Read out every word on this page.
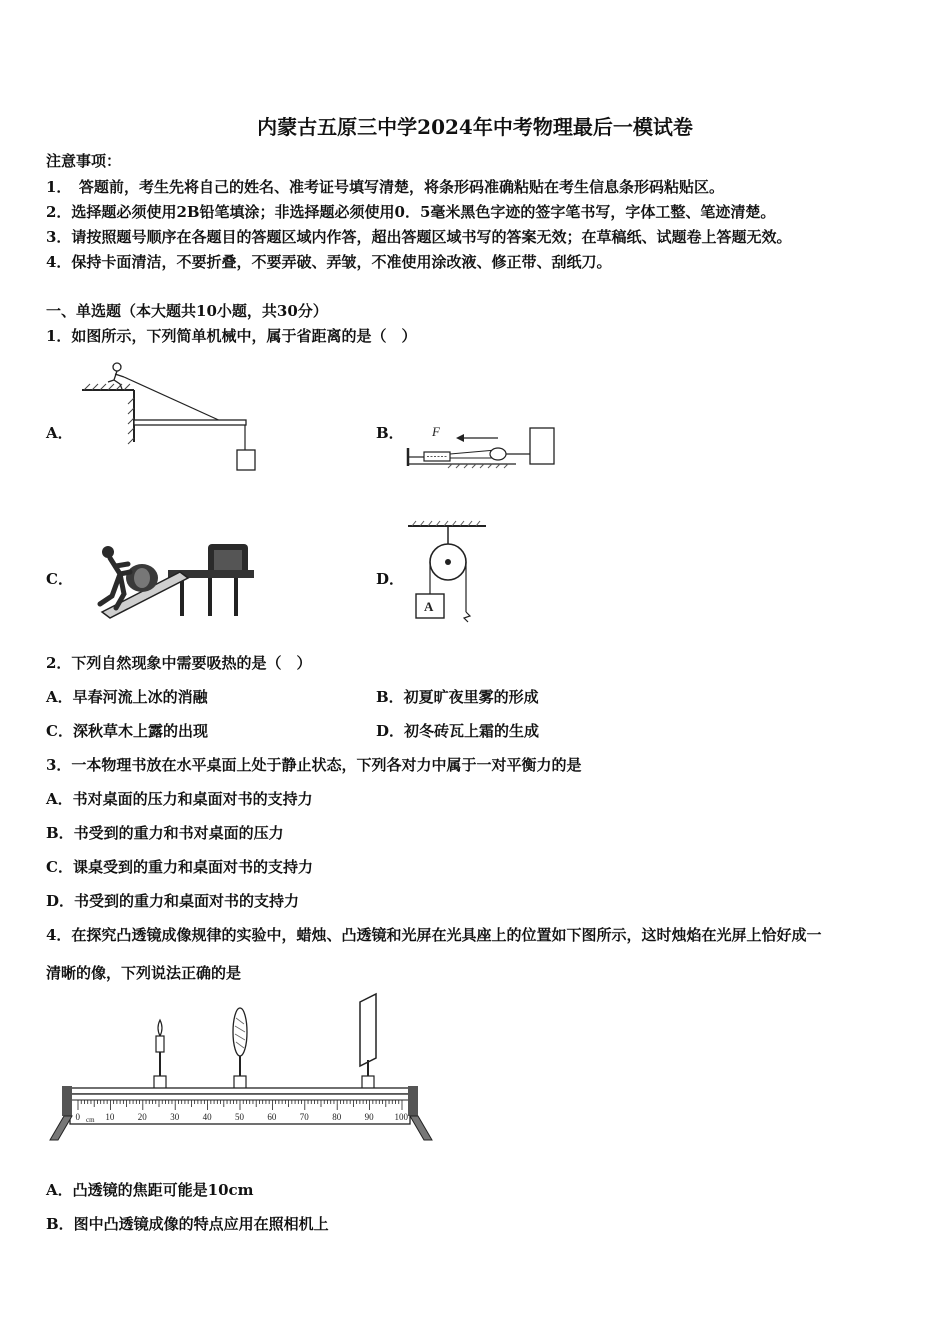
内蒙古五原三中学2024年中考物理最后一模试卷
注意事项：
1．　答题前，考生先将自己的姓名、准考证号填写清楚，将条形码准确粘贴在考生信息条形码粘贴区。
2．选择题必须使用2B铅笔填涂；非选择题必须使用0．5毫米黑色字迹的签字笔书写，字体工整、笔迹清楚。
3．请按照题号顺序在各题目的答题区域内作答，超出答题区域书写的答案无效；在草稿纸、试题卷上答题无效。
4．保持卡面清洁，不要折叠，不要弄破、弄皱，不准使用涂改液、修正带、刮纸刀。
一、单选题（本大题共10小题，共30分）
1．如图所示，下列简单机械中，属于省距离的是（　）
A．	B． F
C．	D．
A
2．下列自然现象中需要吸热的是（　）
A．早春河流上冰的消融	B．初夏旷夜里雾的形成
C．深秋草木上露的出现	D．初冬砖瓦上霜的生成
3．一本物理书放在水平桌面上处于静止状态，下列各对力中属于一对平衡力的是
A．书对桌面的压力和桌面对书的支持力
B．书受到的重力和书对桌面的压力
C．课桌受到的重力和桌面对书的支持力
D．书受到的重力和桌面对书的支持力
4．在探究凸透镜成像规律的实验中，蜡烛、凸透镜和光屏在光具座上的位置如下图所示，这时烛焰在光屏上恰好成一
清晰的像，下列说法正确的是
0 cm 10	20	30	40	50	60	70	80	90 100
A．凸透镜的焦距可能是10cm
B．图中凸透镜成像的特点应用在照相机上
